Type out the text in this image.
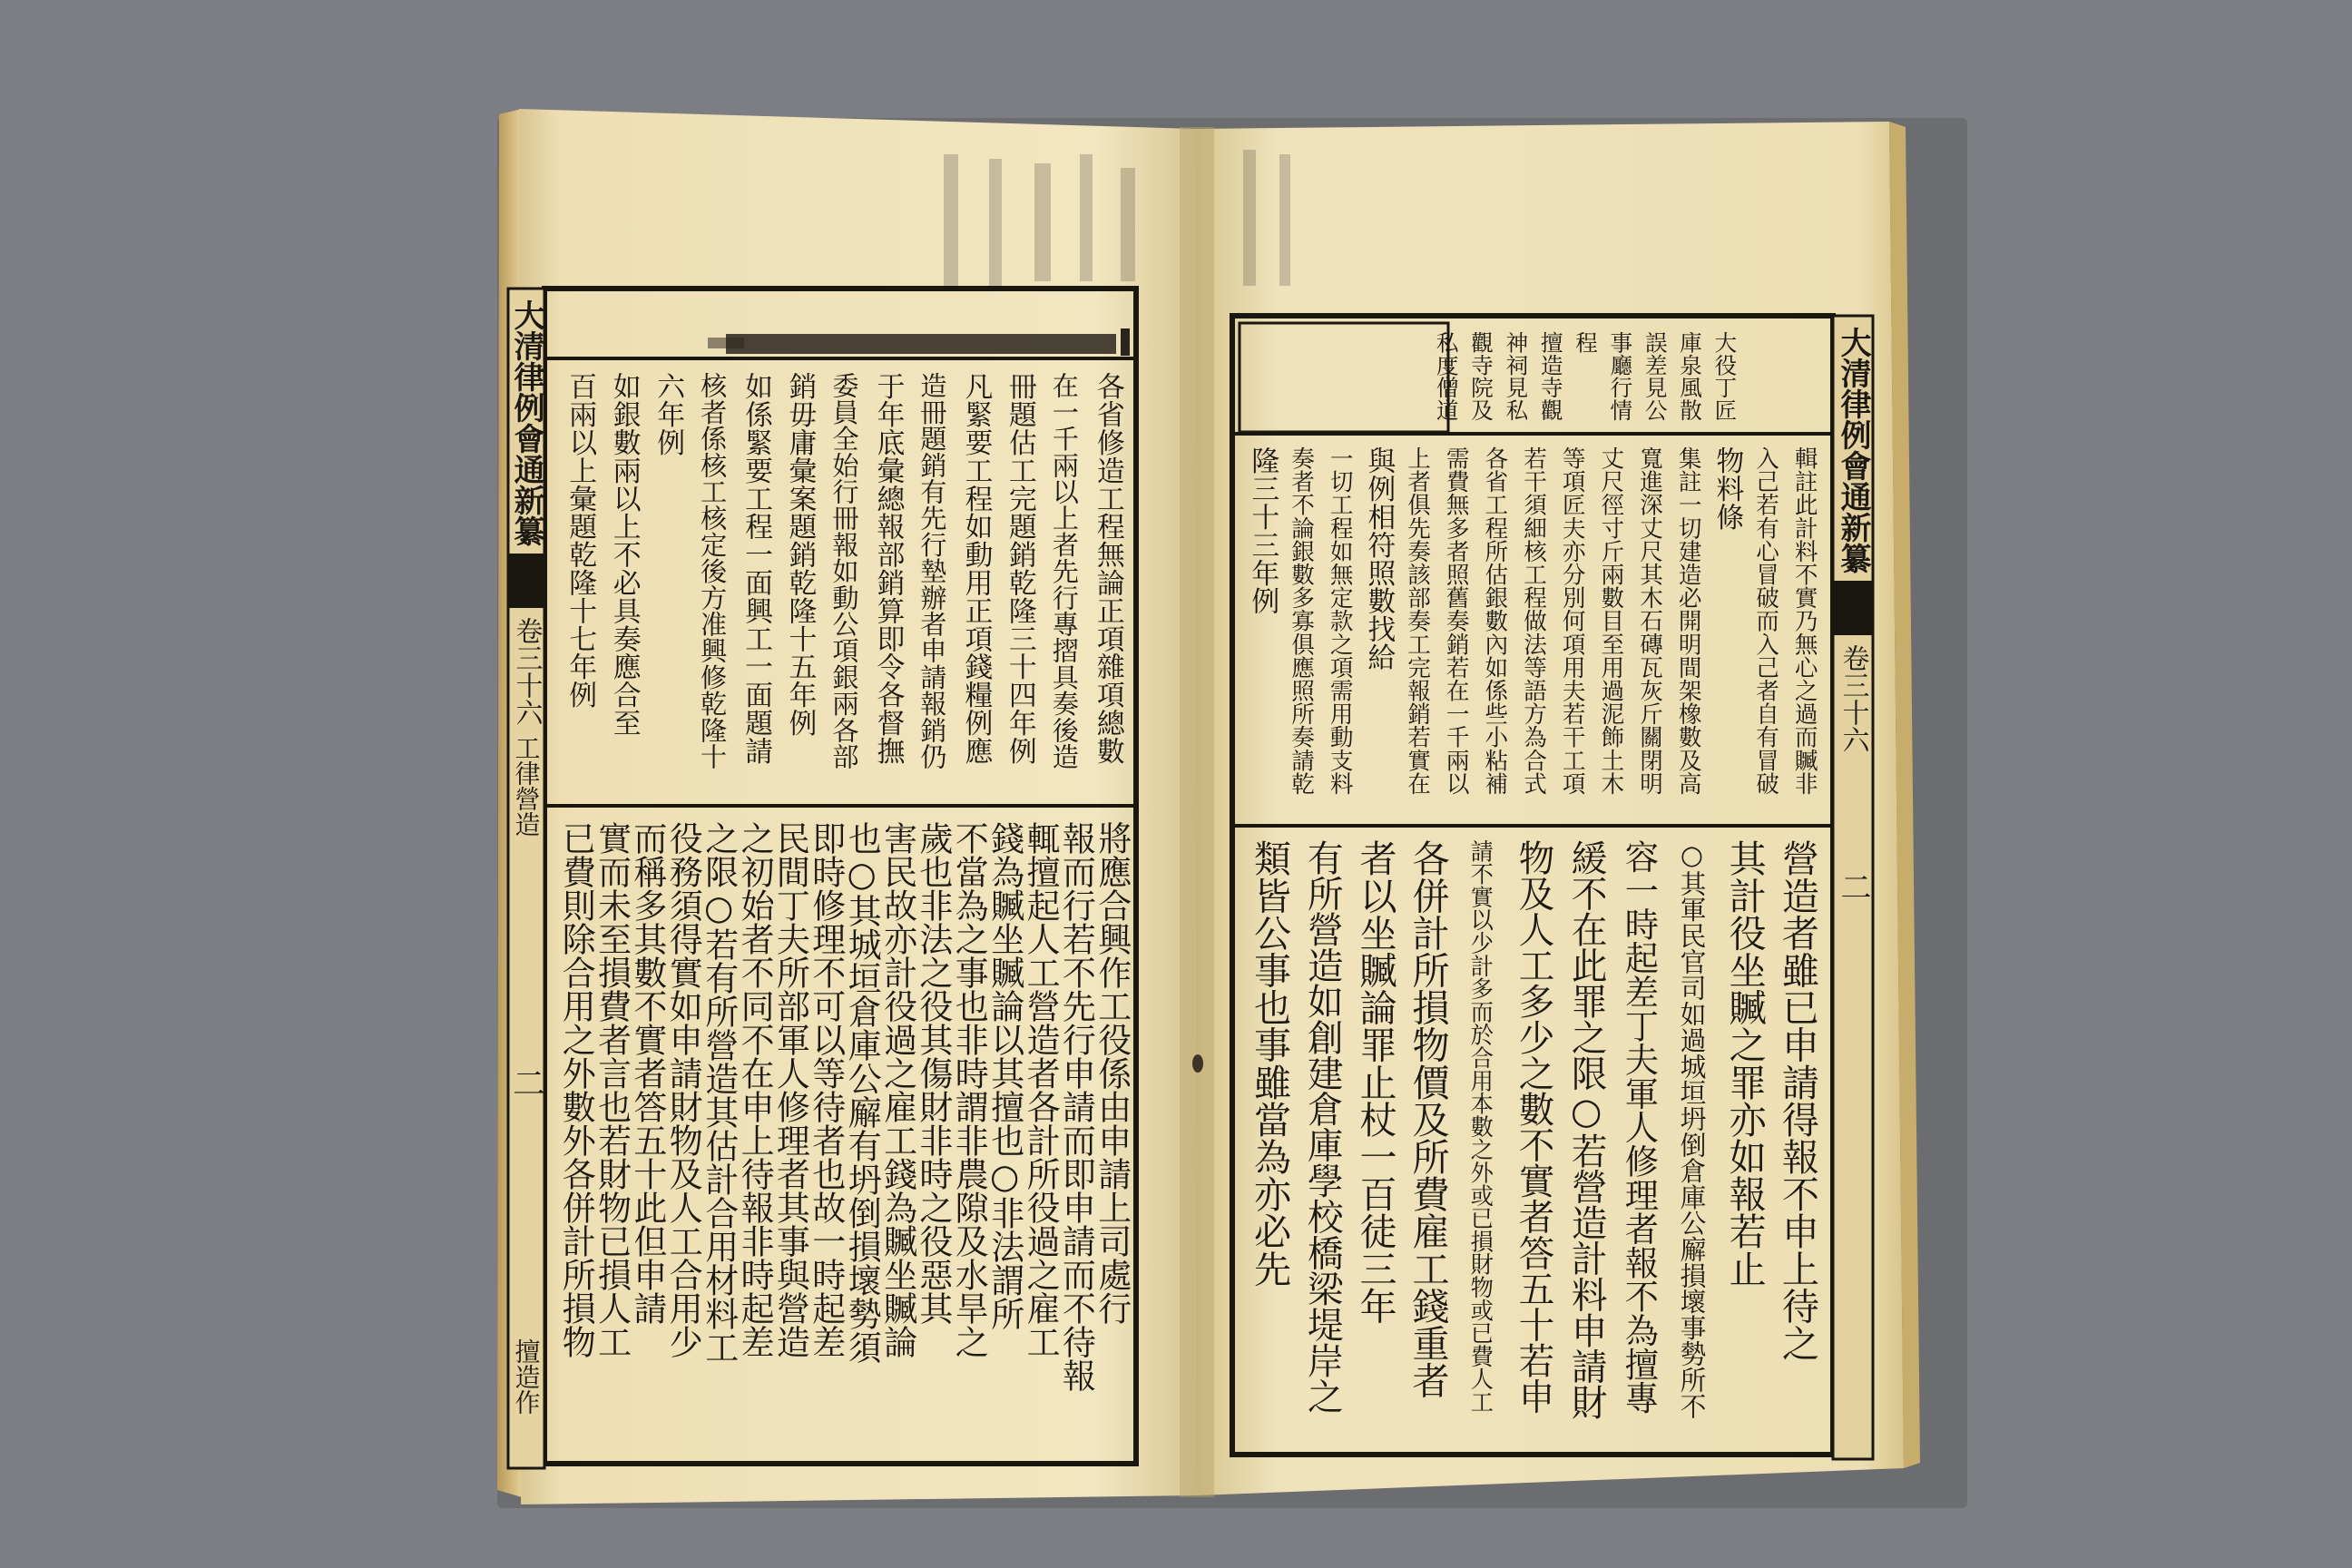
各省修造工程無論正項雜項總數
在一千兩以上者先行專摺具奏後造
冊題估工完題銷乾隆三十四年例
凡緊要工程如動用正項錢糧例應
造冊題銷有先行墊辦者申請報銷仍
于年底彙總報部銷算即令各督撫
委員全始行冊報如動公項銀兩各部
銷毋庸彙案題銷乾隆十五年例
如係緊要工程一面興工一面題請
核者係核工核定後方准興修乾隆十
六年例
如銀數兩以上不必具奏應合至
百兩以上彙題乾隆十七年例
將應合興作工役係由申請上司處行
報而行若不先行申請而即申請而不待報
輒擅起人工營造者各計所役過之雇工
錢為贓坐贓論以其擅也○非法謂所
不當為之事也非時謂非農隙及水旱之
歲也非法之役其傷財非時之役惡其
害民故亦計役過之雇工錢為贓坐贓論
也○其城垣倉庫公廨有坍倒損壞勢須
即時修理不可以等待者也故一時起差
民間丁夫所部軍人修理者其事與營造
之初始者不同不在申上待報非時起差
之限○若有所營造其估計合用材料工
役務須得實如申請財物及人工合用少
而稱多其數不實者答五十此但申請
實而未至損費者言也若財物已損人工
已費則除合用之外數外各併計所損物
輯註此計料不實乃無心之過而贓非
入己若有心冒破而入己者自有冒破
物料條
集註一切建造必開明間架橡數及高
寬進深丈尺其木石磚瓦灰斤關閉明
丈尺徑寸斤兩數目至用過泥飾土木
等項匠夫亦分別何項用夫若干工項
若干須細核工程做法等語方為合式
各省工程所估銀數內如係些小粘補
需費無多者照舊奏銷若在一千兩以
上者俱先奏該部奏工完報銷若實在
與例相符照數找給
一切工程如無定款之項需用動支料
奏者不論銀數多寡俱應照所奏請乾
隆三十三年例
大役丁匠
庫泉風散
誤差見公
事廳行情
程
擅造寺觀
神祠見私
觀寺院及
私度僧道
營造者雖已申請得報不申上待之
其計役坐贓之罪亦如報若止
○其軍民官司如過城垣坍倒倉庫公廨損壞事勢所不
容一時起差丁夫軍人修理者報不為擅專
緩不在此罪之限○若營造計料申請財
物及人工多少之數不實者答五十若申
請不實以少計多而於合用本數之外或已損財物或已費人工
各併計所損物價及所費雇工錢重者
者以坐贓論罪止杖一百徒三年
有所營造如創建倉庫學校橋梁堤岸之
類皆公事也事雖當為亦必先
大清律例會通新纂
卷三十六
工律營造
二
擅造作
大清律例會通新纂
卷三十六
二
